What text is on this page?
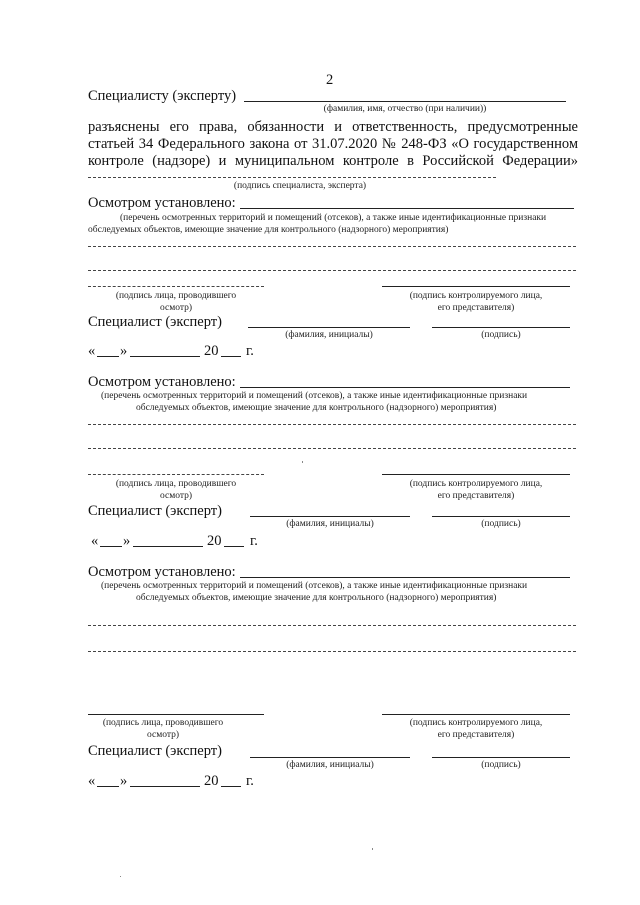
2
Специалисту (эксперту)
(фамилия, имя, отчество (при наличии))
разъяснены его права, обязанности и ответственность, предусмотренные
статьей 34 Федерального закона от 31.07.2020 № 248-ФЗ «О государственном
контроле (надзоре) и муниципальном контроле в Российской Федерации»
(подпись специалиста, эксперта)
Осмотром установлено:
(перечень осмотренных территорий и помещений (отсеков), а также иные идентификационные признаки
обследуемых объектов, имеющие значение для контрольного (надзорного) мероприятия)
(подпись лица, проводившего
осмотр)
(подпись контролируемого лица,
его представителя)
Специалист (эксперт)
(фамилия, инициалы)	(подпись)
« »	20 г.
Осмотром установлено:
(перечень осмотренных территорий и помещений (отсеков), а также иные идентификационные признаки
обследуемых объектов, имеющие значение для контрольного (надзорного) мероприятия)
(подпись лица, проводившего
осмотр)
(подпись контролируемого лица,
его представителя)
Специалист (эксперт)
(фамилия, инициалы)	(подпись)
« »	20 г.
Осмотром установлено:
(перечень осмотренных территорий и помещений (отсеков), а также иные идентификационные признаки
обследуемых объектов, имеющие значение для контрольного (надзорного) мероприятия)
(подпись лица, проводившего
осмотр)
(подпись контролируемого лица,
его представителя)
Специалист (эксперт)
(фамилия, инициалы)	(подпись)
« »	20 г.
